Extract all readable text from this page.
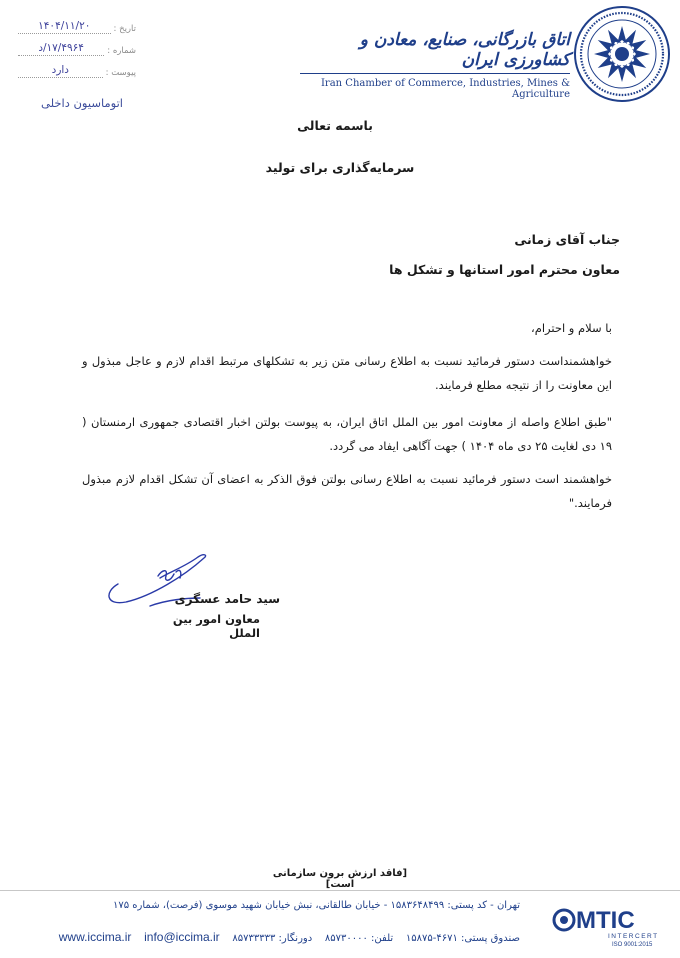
اتاق بازرگانی، صنایع، معادن و کشاورزی ایران
Iran Chamber of Commerce, Industries, Mines & Agriculture
تاریخ :
۱۴۰۴/۱۱/۲۰
شماره :
۱۷/۴۹۶۴/د
پیوست :
دارد
اتوماسیون داخلی
باسمه تعالی
سرمایه‌گذاری برای تولید
جناب آقای زمانی
معاون محترم امور استانها و تشکل ها
با سلام و احترام،

خواهشمنداست دستور فرمائید نسبت به اطلاع رسانی متن زیر به تشکلهای مرتبط اقدام لازم و عاجل مبذول و این معاونت را از نتیجه مطلع فرمایند.

"طبق اطلاع واصله از معاونت امور بین الملل اتاق ایران، به پیوست بولتن اخبار اقتصادی جمهوری ارمنستان ( ۱۹ دی لغایت ۲۵ دی ماه ۱۴۰۴ ) جهت آگاهی ایفاد می گردد.

خواهشمند است دستور فرمائید نسبت به اطلاع رسانی بولتن فوق الذکر به اعضای آن تشکل اقدام لازم مبذول فرمایند."

سید حامد عسگری
معاون امور بین الملل
[فاقد ارزش برون سازمانی است]
تهران - کد پستی: ۱۵۸۳۶۴۸۴۹۹ - خیابان طالقانی، نبش خیابان شهید موسوی (فرصت)، شماره ۱۷۵
صندوق پستی: ۴۶۷۱-۱۵۸۷۵    تلفن: ۸۵۷۳۰۰۰۰    دورنگار: ۸۵۷۳۳۳۳۳    info@iccima.ir    www.iccima.ir
MTIC
INTERCERT
ISO 9001:2015
